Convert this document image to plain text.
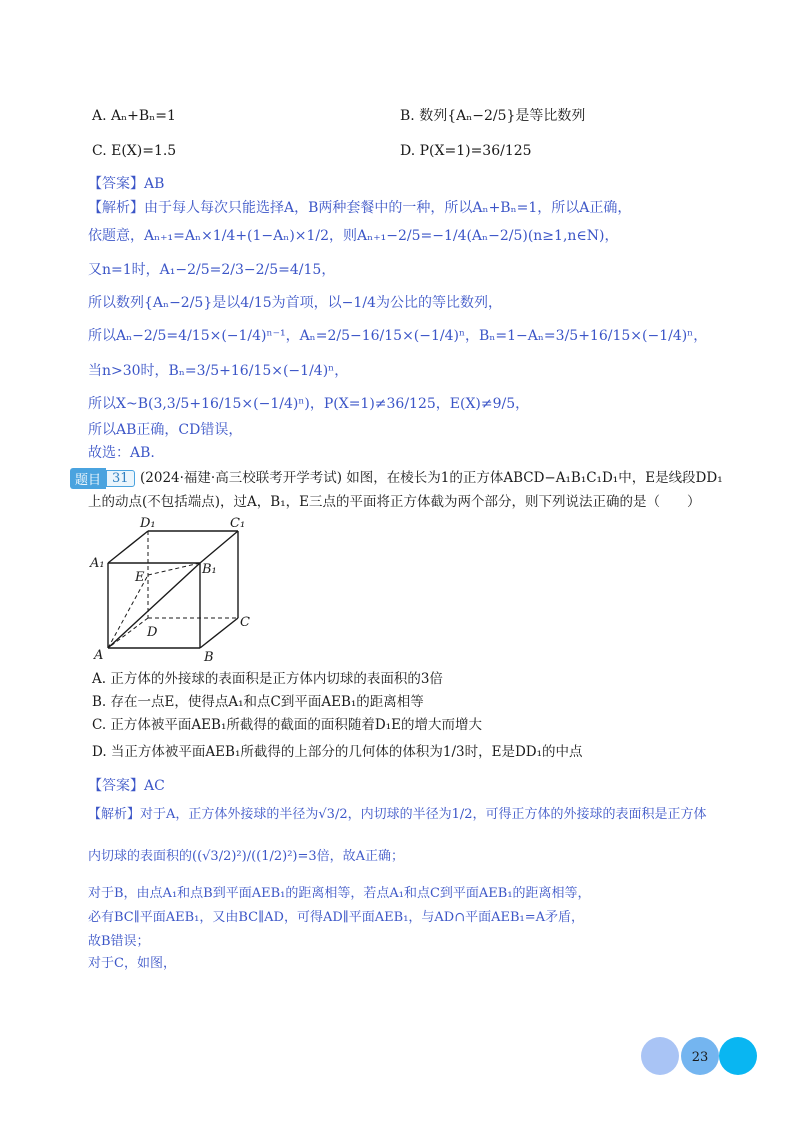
A. Aₙ+Bₙ=1	B. 数列{Aₙ−2/5}是等比数列
C. E(X)=1.5	D. P(X=1)=36/125
【答案】AB
【解析】由于每人每次只能选择A，B两种套餐中的一种，所以Aₙ+Bₙ=1，所以A正确，
依题意，Aₙ₊₁=Aₙ×1/4+(1−Aₙ)×1/2，则Aₙ₊₁−2/5=−1/4(Aₙ−2/5)(n≥1,n∈N)，
又n=1时，A₁−2/5=2/3−2/5=4/15，
所以数列{Aₙ−2/5}是以4/15为首项，以−1/4为公比的等比数列，
所以Aₙ−2/5=4/15×(−1/4)ⁿ⁻¹，Aₙ=2/5−16/15×(−1/4)ⁿ，Bₙ=1−Aₙ=3/5+16/15×(−1/4)ⁿ，
当n>30时，Bₙ=3/5+16/15×(−1/4)ⁿ，
所以X~B(3,3/5+16/15×(−1/4)ⁿ)，P(X=1)≠36/125，E(X)≠9/5，
所以AB正确，CD错误，
故选：AB.
题目 31 (2024·福建·高三校联考开学考试) 如图，在棱长为1的正方体ABCD−A₁B₁C₁D₁中，E是线段DD₁
上的动点(不包括端点)，过A，B₁，E三点的平面将正方体截为两个部分，则下列说法正确的是（　　）
D₁	C₁
A₁	B₁
E
D
C
A	B
A. 正方体的外接球的表面积是正方体内切球的表面积的3倍
B. 存在一点E，使得点A₁和点C到平面AEB₁的距离相等
C. 正方体被平面AEB₁所截得的截面的面积随着D₁E的增大而增大
D. 当正方体被平面AEB₁所截得的上部分的几何体的体积为1/3时，E是DD₁的中点
【答案】AC
【解析】对于A，正方体外接球的半径为√3/2，内切球的半径为1/2，可得正方体的外接球的表面积是正方体
内切球的表面积的((√3/2)²)/((1/2)²)=3倍，故A正确；
对于B，由点A₁和点B到平面AEB₁的距离相等，若点A₁和点C到平面AEB₁的距离相等，
必有BC∥平面AEB₁，又由BC∥AD，可得AD∥平面AEB₁，与AD∩平面AEB₁=A矛盾，
故B错误；
对于C，如图，
23
